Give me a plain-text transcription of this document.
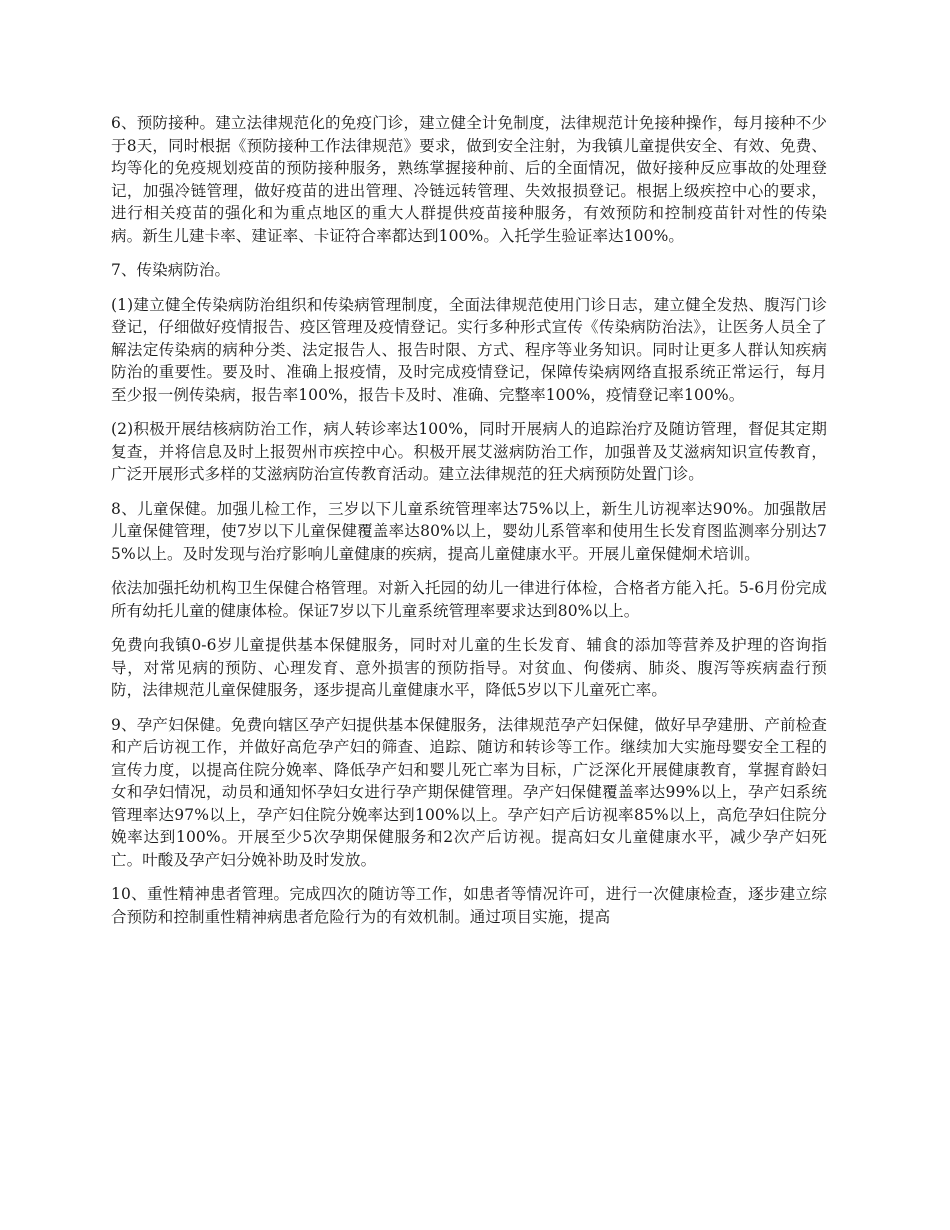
6、预防接种。建立法律规范化的免疫门诊，建立健全计免制度，法律规范计免接种操作，每月接种不少于8天，同时根据《预防接种工作法律规范》要求，做到安全注射，为我镇儿童提供安全、有效、免费、均等化的免疫规划疫苗的预防接种服务，熟练掌握接种前、后的全面情况，做好接种反应事故的处理登记，加强冷链管理，做好疫苗的进出管理、冷链远转管理、失效报损登记。根据上级疾控中心的要求，进行相关疫苗的强化和为重点地区的重大人群提供疫苗接种服务，有效预防和控制疫苗针对性的传染病。新生儿建卡率、建证率、卡证符合率都达到100%。入托学生验证率达100%。

7、传染病防治。

(1)建立健全传染病防治组织和传染病管理制度，全面法律规范使用门诊日志，建立健全发热、腹泻门诊登记，仔细做好疫情报告、疫区管理及疫情登记。实行多种形式宣传《传染病防治法》，让医务人员全了解法定传染病的病种分类、法定报告人、报告时限、方式、程序等业务知识。同时让更多人群认知疾病防治的重要性。要及时、准确上报疫情，及时完成疫情登记，保障传染病网络直报系统正常运行，每月至少报一例传染病，报告率100%，报告卡及时、准确、完整率100%，疫情登记率100%。

(2)积极开展结核病防治工作，病人转诊率达100%，同时开展病人的追踪治疗及随访管理，督促其定期复查，并将信息及时上报贺州市疾控中心。积极开展艾滋病防治工作，加强普及艾滋病知识宣传教育，广泛开展形式多样的艾滋病防治宣传教育活动。建立法律规范的狂犬病预防处置门诊。

8、儿童保健。加强儿检工作，三岁以下儿童系统管理率达75%以上，新生儿访视率达90%。加强散居儿童保健管理，使7岁以下儿童保健覆盖率达80%以上，婴幼儿系管率和使用生长发育图监测率分别达75%以上。及时发现与治疗影响儿童健康的疾病，提高儿童健康水平。开展儿童保健炯术培训。

依法加强托幼机构卫生保健合格管理。对新入托园的幼儿一律进行体检，合格者方能入托。5-6月份完成所有幼托儿童的健康体检。保证7岁以下儿童系统管理率要求达到80%以上。

免费向我镇0-6岁儿童提供基本保健服务，同时对儿童的生长发育、辅食的添加等营养及护理的咨询指导，对常见病的预防、心理发育、意外损害的预防指导。对贫血、佝偻病、肺炎、腹泻等疾病盍行预防，法律规范儿童保健服务，逐步提高儿童健康水平，降低5岁以下儿童死亡率。

9、孕产妇保健。免费向辖区孕产妇提供基本保健服务，法律规范孕产妇保健，做好早孕建册、产前检查和产后访视工作，并做好高危孕产妇的筛查、追踪、随访和转诊等工作。继续加大实施母婴安全工程的宣传力度，以提高住院分娩率、降低孕产妇和婴儿死亡率为目标，广泛深化开展健康教育，掌握育龄妇女和孕妇情况，动员和通知怀孕妇女进行孕产期保健管理。孕产妇保健覆盖率达99%以上，孕产妇系统管理率达97%以上，孕产妇住院分娩率达到100%以上。孕产妇产后访视率85%以上，高危孕妇住院分娩率达到100%。开展至少5次孕期保健服务和2次产后访视。提高妇女儿童健康水平，减少孕产妇死亡。叶酸及孕产妇分娩补助及时发放。

10、重性精神患者管理。完成四次的随访等工作，如患者等情况许可，进行一次健康检查，逐步建立综合预防和控制重性精神病患者危险行为的有效机制。通过项目实施，提高
